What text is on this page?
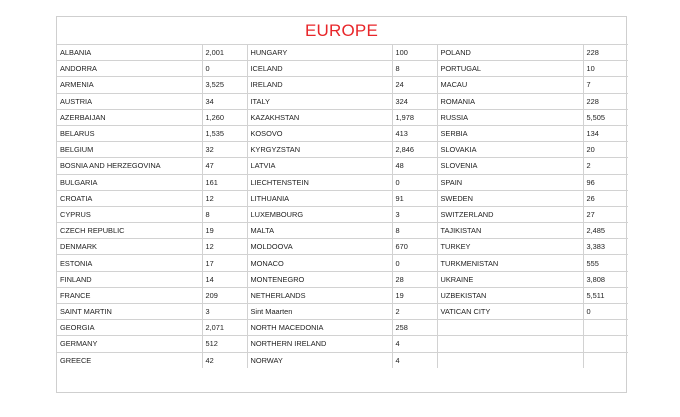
EUROPE
ALBANIA	2,001	HUNGARY	100	POLAND	228
ANDORRA	0	ICELAND	8	PORTUGAL	10
ARMENIA	3,525	IRELAND	24	MACAU	7
AUSTRIA	34	ITALY	324	ROMANIA	228
AZERBAIJAN	1,260	KAZAKHSTAN	1,978	RUSSIA	5,505
BELARUS	1,535	KOSOVO	413	SERBIA	134
BELGIUM	32	KYRGYZSTAN	2,846	SLOVAKIA	20
BOSNIA AND HERZEGOVINA	47	LATVIA	48	SLOVENIA	2
BULGARIA	161	LIECHTENSTEIN	0	SPAIN	96
CROATIA	12	LITHUANIA	91	SWEDEN	26
CYPRUS	8	LUXEMBOURG	3	SWITZERLAND	27
CZECH REPUBLIC	19	MALTA	8	TAJIKISTAN	2,485
DENMARK	12	MOLDOOVA	670	TURKEY	3,383
ESTONIA	17	MONACO	0	TURKMENISTAN	555
FINLAND	14	MONTENEGRO	28	UKRAINE	3,808
FRANCE	209	NETHERLANDS	19	UZBEKISTAN	5,511
SAINT MARTIN	3	Sint Maarten	2	VATICAN CITY	0
GEORGIA	2,071	NORTH MACEDONIA	258		
GERMANY	512	NORTHERN IRELAND	4		
GREECE	42	NORWAY	4		
